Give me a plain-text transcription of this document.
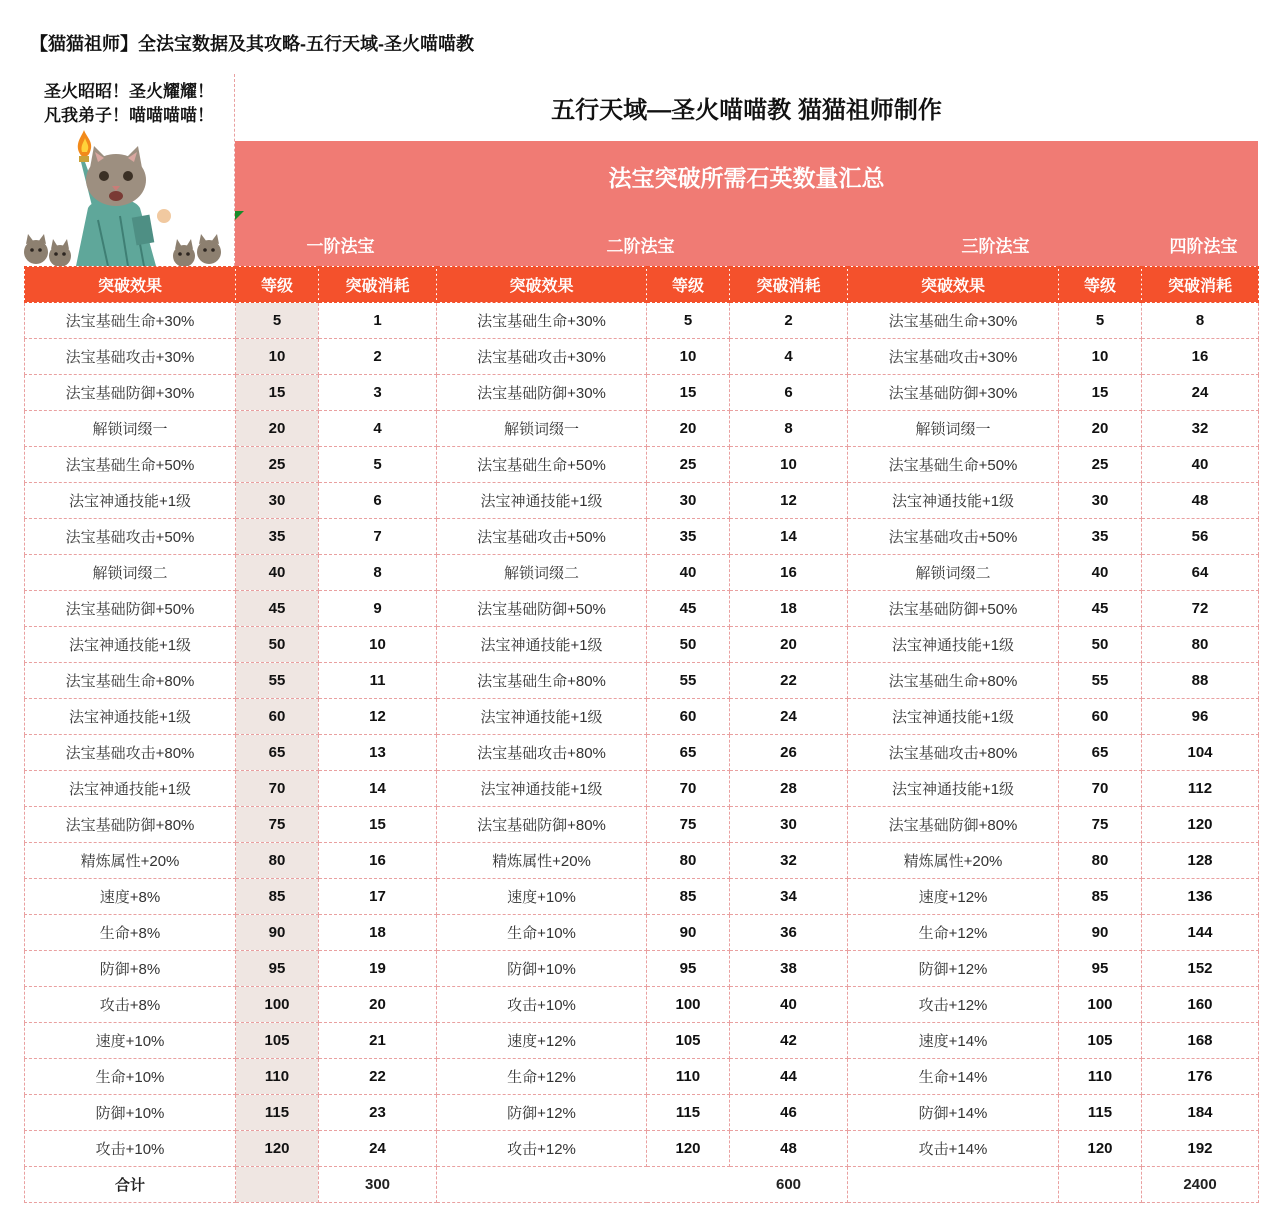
【猫猫祖师】全法宝数据及其攻略-五行天域-圣火喵喵教
圣火昭昭！圣火耀耀！
凡我弟子！喵喵喵喵！	五行天域—圣火喵喵教 猫猫祖师制作
法宝突破所需石英数量汇总
一阶法宝	二阶法宝	三阶法宝	四阶法宝
突破效果	等级	突破消耗	突破效果	等级	突破消耗	突破效果	等级	突破消耗
法宝基础生命+30%	5	1	法宝基础生命+30%	5	2	法宝基础生命+30%	5	8
法宝基础攻击+30%	10	2	法宝基础攻击+30%	10	4	法宝基础攻击+30%	10	16
法宝基础防御+30%	15	3	法宝基础防御+30%	15	6	法宝基础防御+30%	15	24
解锁词缀一	20	4	解锁词缀一	20	8	解锁词缀一	20	32
法宝基础生命+50%	25	5	法宝基础生命+50%	25	10	法宝基础生命+50%	25	40
法宝神通技能+1级	30	6	法宝神通技能+1级	30	12	法宝神通技能+1级	30	48
法宝基础攻击+50%	35	7	法宝基础攻击+50%	35	14	法宝基础攻击+50%	35	56
解锁词缀二	40	8	解锁词缀二	40	16	解锁词缀二	40	64
法宝基础防御+50%	45	9	法宝基础防御+50%	45	18	法宝基础防御+50%	45	72
法宝神通技能+1级	50	10	法宝神通技能+1级	50	20	法宝神通技能+1级	50	80
法宝基础生命+80%	55	11	法宝基础生命+80%	55	22	法宝基础生命+80%	55	88
法宝神通技能+1级	60	12	法宝神通技能+1级	60	24	法宝神通技能+1级	60	96
法宝基础攻击+80%	65	13	法宝基础攻击+80%	65	26	法宝基础攻击+80%	65	104
法宝神通技能+1级	70	14	法宝神通技能+1级	70	28	法宝神通技能+1级	70	112
法宝基础防御+80%	75	15	法宝基础防御+80%	75	30	法宝基础防御+80%	75	120
精炼属性+20%	80	16	精炼属性+20%	80	32	精炼属性+20%	80	128
速度+8%	85	17	速度+10%	85	34	速度+12%	85	136
生命+8%	90	18	生命+10%	90	36	生命+12%	90	144
防御+8%	95	19	防御+10%	95	38	防御+12%	95	152
攻击+8%	100	20	攻击+10%	100	40	攻击+12%	100	160
速度+10%	105	21	速度+12%	105	42	速度+14%	105	168
生命+10%	110	22	生命+12%	110	44	生命+14%	110	176
防御+10%	115	23	防御+12%	115	46	防御+14%	115	184
攻击+10%	120	24	攻击+12%	120	48	攻击+14%	120	192
合计		300			600			2400
